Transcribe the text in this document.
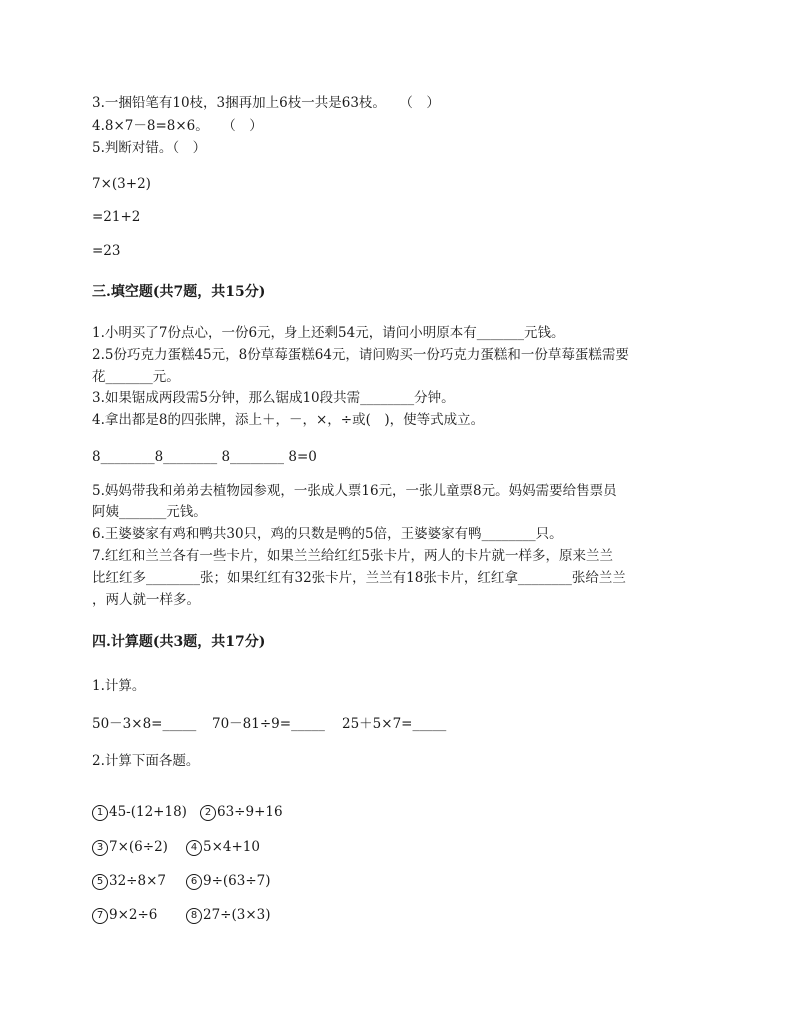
3.一捆铅笔有10枝，3捆再加上6枝一共是63枝。　　（　）
4.8×7－8=8×6。　　（　）
5.判断对错。（　）
7×(3+2)
=21+2
=23
三.填空题(共7题，共15分)
1.小明买了7份点心，一份6元，身上还剩54元，请问小明原本有_______元钱。
2.5份巧克力蛋糕45元，8份草莓蛋糕64元，请问购买一份巧克力蛋糕和一份草莓蛋糕需要
花_______元。
3.如果锯成两段需5分钟，那么锯成10段共需________分钟。
4.拿出都是8的四张牌，添上＋，－，×，÷或(　)，使等式成立。
8________8________ 8________ 8=0
5.妈妈带我和弟弟去植物园参观，一张成人票16元，一张儿童票8元。妈妈需要给售票员
阿姨_______元钱。
6.王婆婆家有鸡和鸭共30只，鸡的只数是鸭的5倍，王婆婆家有鸭________只。
7.红红和兰兰各有一些卡片，如果兰兰给红红5张卡片，两人的卡片就一样多，原来兰兰
比红红多________张；如果红红有32张卡片，兰兰有18张卡片，红红拿________张给兰兰
，两人就一样多。
四.计算题(共3题，共17分)
1.计算。
50－3×8=_____ 70－81÷9=_____ 25＋5×7=_____
2.计算下面各题。
1 45-(12+18) 2 63÷9+16
3 7×(6÷2) 4 5×4+10
5 32÷8×7 6 9÷(63÷7)
7 9×2÷6	8 27÷(3×3)
